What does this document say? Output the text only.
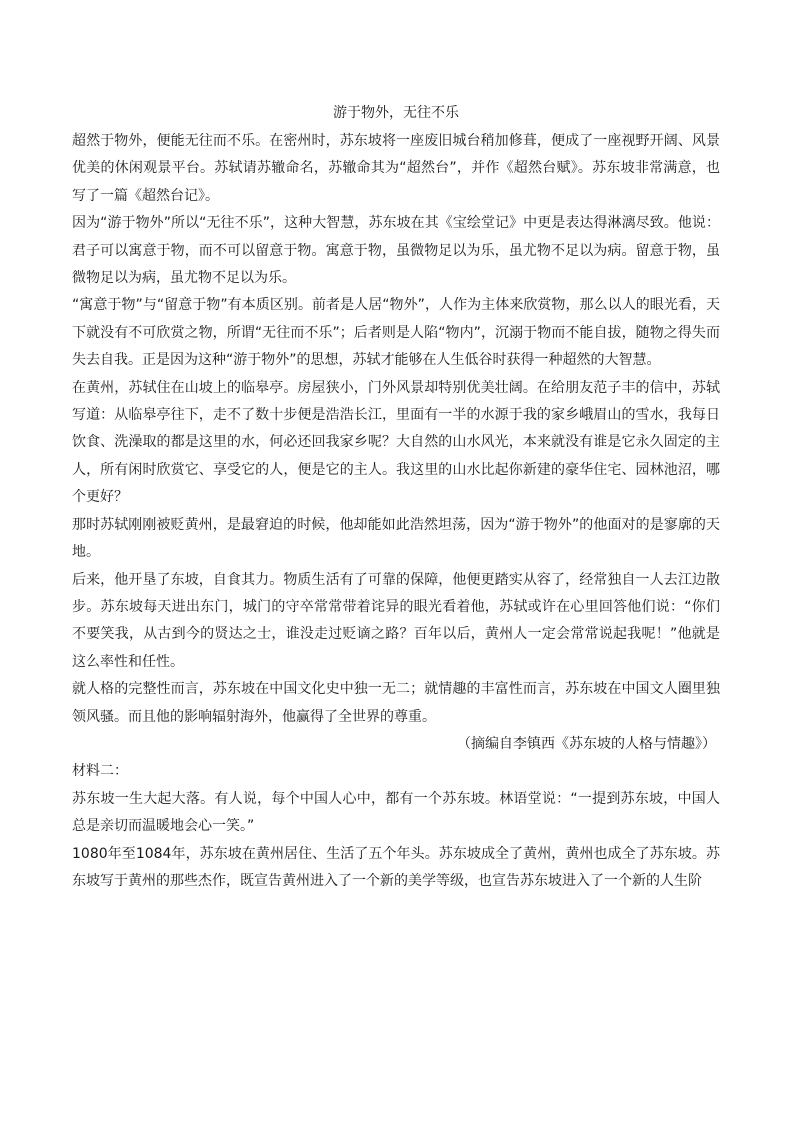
游于物外，无往不乐

超然于物外，便能无往而不乐。在密州时，苏东坡将一座废旧城台稍加修葺，便成了一座视野开阔、风景优美的休闲观景平台。苏轼请苏辙命名，苏辙命其为“超然台”，并作《超然台赋》。苏东坡非常满意，也写了一篇《超然台记》。

因为“游于物外”所以“无往不乐”，这种大智慧，苏东坡在其《宝绘堂记》中更是表达得淋漓尽致。他说：君子可以寓意于物，而不可以留意于物。寓意于物，虽微物足以为乐，虽尤物不足以为病。留意于物，虽微物足以为病，虽尤物不足以为乐。

“寓意于物”与“留意于物”有本质区别。前者是人居“物外”，人作为主体来欣赏物，那么以人的眼光看，天下就没有不可欣赏之物，所谓“无往而不乐”；后者则是人陷“物内”，沉溺于物而不能自拔，随物之得失而失去自我。正是因为这种“游于物外”的思想，苏轼才能够在人生低谷时获得一种超然的大智慧。

在黄州，苏轼住在山坡上的临皋亭。房屋狭小，门外风景却特别优美壮阔。在给朋友范子丰的信中，苏轼写道：从临皋亭往下，走不了数十步便是浩浩长江，里面有一半的水源于我的家乡峨眉山的雪水，我每日饮食、洗澡取的都是这里的水，何必还回我家乡呢？大自然的山水风光，本来就没有谁是它永久固定的主人，所有闲时欣赏它、享受它的人，便是它的主人。我这里的山水比起你新建的豪华住宅、园林池沼，哪个更好？

那时苏轼刚刚被贬黄州，是最窘迫的时候，他却能如此浩然坦荡，因为“游于物外”的他面对的是寥廓的天地。

后来，他开垦了东坡，自食其力。物质生活有了可靠的保障，他便更踏实从容了，经常独自一人去江边散步。苏东坡每天进出东门，城门的守卒常常带着诧异的眼光看着他，苏轼或许在心里回答他们说：“你们不要笑我，从古到今的贤达之士，谁没走过贬谪之路？百年以后，黄州人一定会常常说起我呢！”他就是这么率性和任性。

就人格的完整性而言，苏东坡在中国文化史中独一无二；就情趣的丰富性而言，苏东坡在中国文人圈里独领风骚。而且他的影响辐射海外，他赢得了全世界的尊重。

（摘编自李镇西《苏东坡的人格与情趣》）

材料二：

苏东坡一生大起大落。有人说，每个中国人心中，都有一个苏东坡。林语堂说：“一提到苏东坡，中国人总是亲切而温暖地会心一笑。”

1080年至1084年，苏东坡在黄州居住、生活了五个年头。苏东坡成全了黄州，黄州也成全了苏东坡。苏东坡写于黄州的那些杰作，既宣告黄州进入了一个新的美学等级，也宣告苏东坡进入了一个新的人生阶
